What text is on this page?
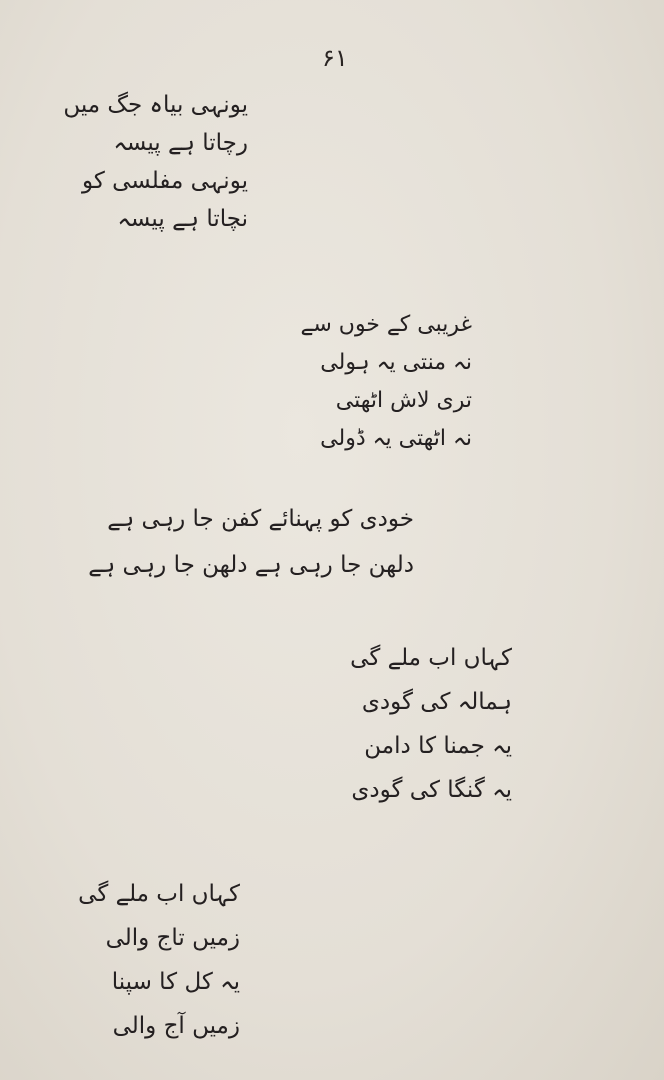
۶۱
یونہی بیاہ جگ میں
رچاتا ہے پیسہ
یونہی مفلسی کو
نچاتا ہے پیسہ
غریبی کے خوں سے
نہ منتی یہ ہولی
تری لاش اٹھتی
نہ اٹھتی یہ ڈولی
خودی کو پہنائے کفن جا رہی ہے
دلھن جا رہی ہے دلھن جا رہی ہے
کہاں اب ملے گی
ہمالہ کی گودی
یہ جمنا کا دامن
یہ گنگا کی گودی
کہاں اب ملے گی
زمیں تاج والی
یہ کل کا سپنا
زمیں آج والی
